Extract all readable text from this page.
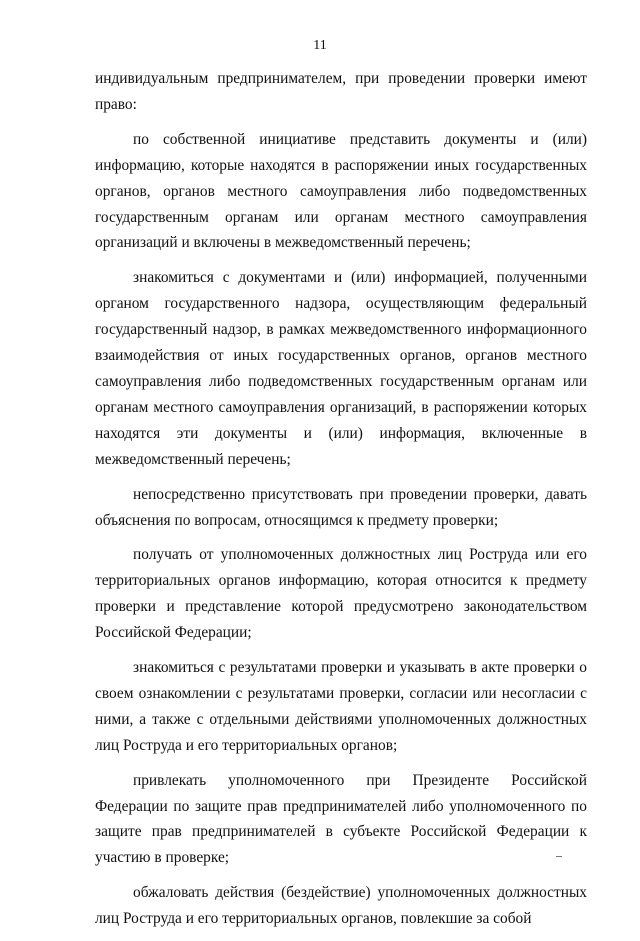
11

индивидуальным предпринимателем, при проведении проверки имеют право:

по собственной инициативе представить документы и (или) информацию, которые находятся в распоряжении иных государственных органов, органов местного самоуправления либо подведомственных государственным органам или органам местного самоуправления организаций и включены в межведомственный перечень;

знакомиться с документами и (или) информацией, полученными органом государственного надзора, осуществляющим федеральный государственный надзор, в рамках межведомственного информационного взаимодействия от иных государственных органов, органов местного самоуправления либо подведомственных государственным органам или органам местного самоуправления организаций, в распоряжении которых находятся эти документы и (или) информация, включенные в межведомственный перечень;

непосредственно присутствовать при проведении проверки, давать объяснения по вопросам, относящимся к предмету проверки;

получать от уполномоченных должностных лиц Роструда или его территориальных органов информацию, которая относится к предмету проверки и представление которой предусмотрено законодательством Российской Федерации;

знакомиться с результатами проверки и указывать в акте проверки о своем ознакомлении с результатами проверки, согласии или несогласии с ними, а также с отдельными действиями уполномоченных должностных лиц Роструда и его территориальных органов;

привлекать уполномоченного при Президенте Российской Федерации по защите прав предпринимателей либо уполномоченного по защите прав предпринимателей в субъекте Российской Федерации к участию в проверке;

обжаловать действия (бездействие) уполномоченных должностных лиц Роструда и его территориальных органов, повлекшие за собой
